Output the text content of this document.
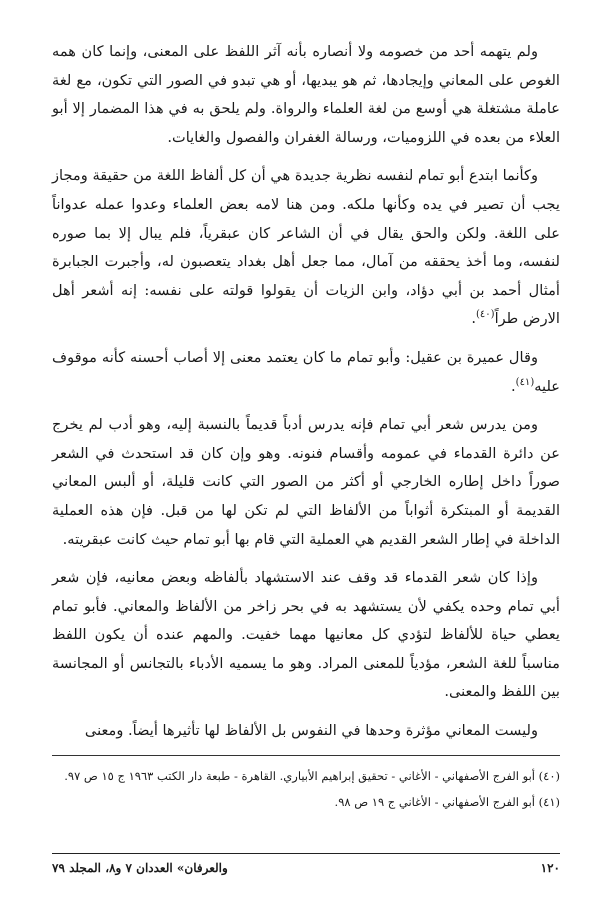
ولم يتهمه أحد من خصومه ولا أنصاره بأنه آثر اللفظ على المعنى، وإنما كان همه الغوص على المعاني وإيجادها، ثم هو يبديها، أو هي تبدو في الصور التي تكون، مع لغة عاملة مشتغلة هي أوسع من لغة العلماء والرواة. ولم يلحق به في هذا المضمار إلا أبو العلاء من بعده في اللزوميات، ورسالة الغفران والفصول والغايات.

وكأنما ابتدع أبو تمام لنفسه نظرية جديدة هي أن كل ألفاظ اللغة من حقيقة ومجاز يجب أن تصير في يده وكأنها ملكه. ومن هنا لامه بعض العلماء وعدوا عمله عدواناً على اللغة. ولكن والحق يقال في أن الشاعر كان عبقرياً، فلم يبال إلا بما صوره لنفسه، وما أخذ يحققه من آمال، مما جعل أهل بغداد يتعصبون له، وأجبرت الجبابرة أمثال أحمد بن أبي دؤاد، وابن الزيات أن يقولوا قولته على نفسه: إنه أشعر أهل الارض طراً$^{(٤٠)}$.

وقال عميرة بن عقيل: وأبو تمام ما كان يعتمد معنى إلا أصاب أحسنه كأنه موقوف عليه$^{(٤١)}$.

ومن يدرس شعر أبي تمام فإنه يدرس أدباً قديماً بالنسبة إليه، وهو أدب لم يخرج عن دائرة القدماء في عمومه وأقسام فنونه. وهو وإن كان قد استحدث في الشعر صوراً داخل إطاره الخارجي أو أكثر من الصور التي كانت قليلة، أو ألبس المعاني القديمة أو المبتكرة أثواباً من الألفاظ التي لم تكن لها من قبل. فإن هذه العملية الداخلة في إطار الشعر القديم هي العملية التي قام بها أبو تمام حيث كانت عبقريته.

وإذا كان شعر القدماء قد وقف عند الاستشهاد بألفاظه وبعض معانيه، فإن شعر أبي تمام وحده يكفي لأن يستشهد به في بحر زاخر من الألفاظ والمعاني. فأبو تمام يعطي حياة للألفاظ لتؤدي كل معانيها مهما خفيت. والمهم عنده أن يكون اللفظ مناسباً للغة الشعر، مؤدياً للمعنى المراد. وهو ما يسميه الأدباء بالتجانس أو المجانسة بين اللفظ والمعنى.

وليست المعاني مؤثرة وحدها في النفوس بل الألفاظ لها تأثيرها أيضاً. ومعنى

(٤٠) أبو الفرج الأصفهاني - الأغاني - تحقيق إبراهيم الأبياري. القاهرة - طبعة دار الكتب ١٩٦٣ ج ١٥ ص ٩٧.

(٤١) أبو الفرج الأصفهاني - الأغاني ج ١٩ ص ٩٨.

١٢٠
والعرفان» العددان ٧ و٨، المجلد ٧٩
